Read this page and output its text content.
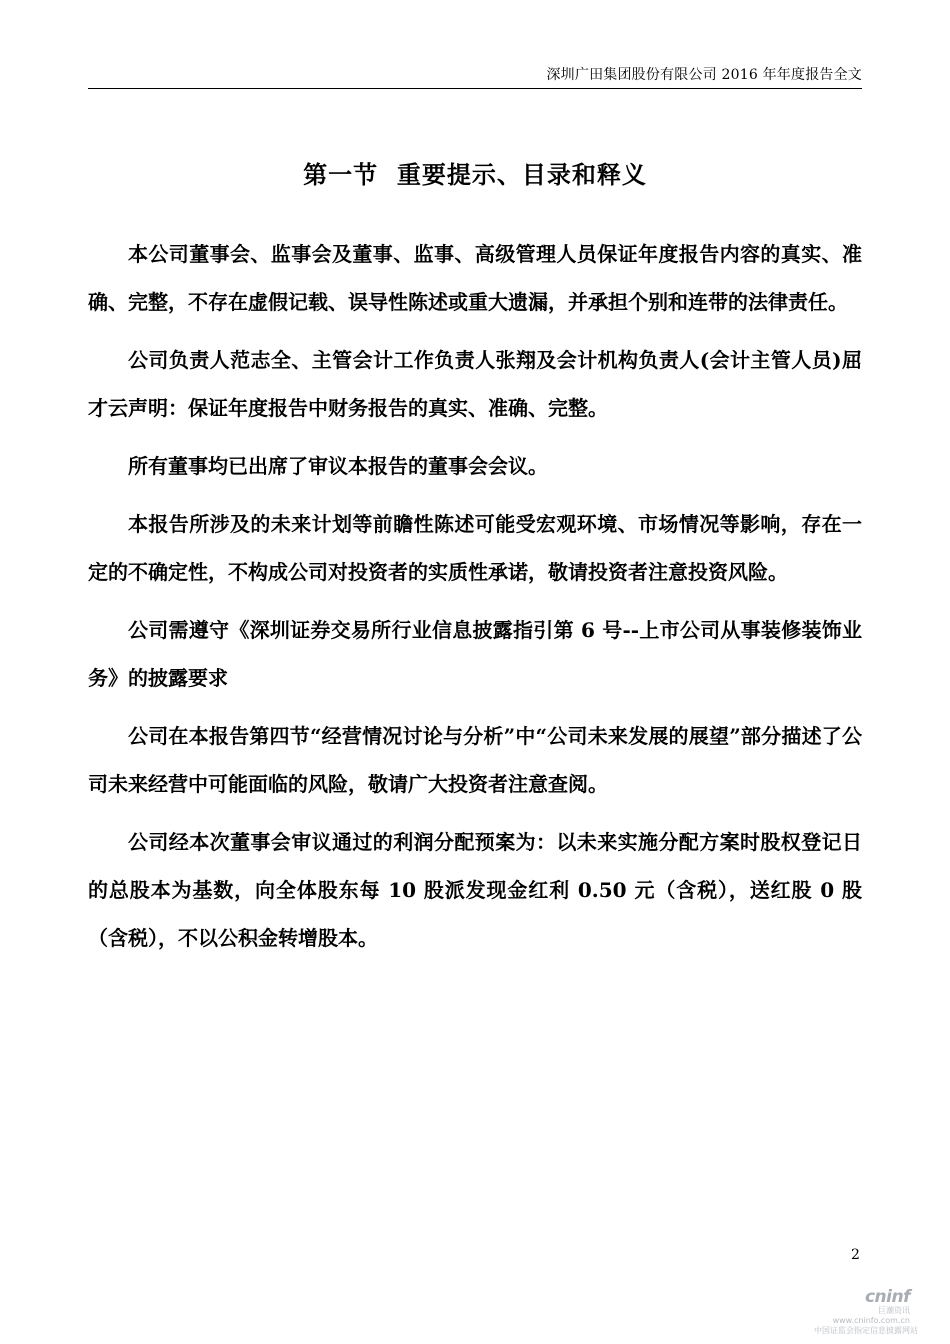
深圳广田集团股份有限公司 2016 年年度报告全文
第一节  重要提示、目录和释义

本公司董事会、监事会及董事、监事、高级管理人员保证年度报告内容的真实、准确、完整，不存在虚假记载、误导性陈述或重大遗漏，并承担个别和连带的法律责任。

公司负责人范志全、主管会计工作负责人张翔及会计机构负责人(会计主管人员)屈才云声明：保证年度报告中财务报告的真实、准确、完整。

所有董事均已出席了审议本报告的董事会会议。

本报告所涉及的未来计划等前瞻性陈述可能受宏观环境、市场情况等影响，存在一定的不确定性，不构成公司对投资者的实质性承诺，敬请投资者注意投资风险。

公司需遵守《深圳证券交易所行业信息披露指引第 6 号--上市公司从事装修装饰业务》的披露要求

公司在本报告第四节“经营情况讨论与分析”中“公司未来发展的展望”部分描述了公司未来经营中可能面临的风险，敬请广大投资者注意查阅。

公司经本次董事会审议通过的利润分配预案为：以未来实施分配方案时股权登记日的总股本为基数，向全体股东每 10 股派发现金红利 0.50 元（含税），送红股 0 股（含税），不以公积金转增股本。

2
cninf
巨潮资讯
www.cninfo.com.cn
中国证监会指定信息披露网站
